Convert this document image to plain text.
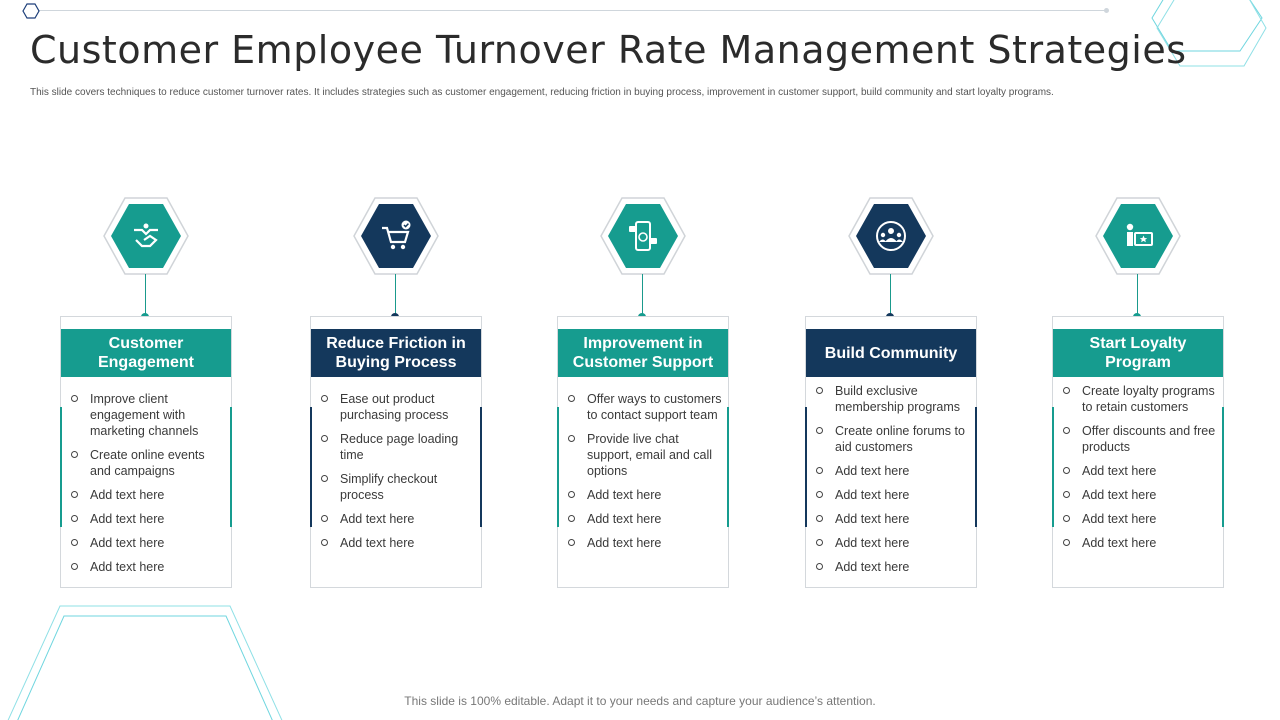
Customer Employee Turnover Rate Management Strategies

This slide covers techniques to reduce customer turnover rates. It includes strategies such as customer engagement, reducing friction in buying process, improvement in customer support, build community and start loyalty programs.

Customer Engagement
Improve client engagement with marketing channels
Create online events and campaigns
Add text here
Add text here
Add text here
Add text here
Reduce Friction in Buying Process
Ease out product purchasing process
Reduce page loading time
Simplify checkout process
Add text here
Add text here
Improvement in Customer Support
Offer ways to customers to contact support team
Provide live chat support, email and call options
Add text here
Add text here
Add text here
Build Community
Build exclusive membership programs
Create online forums to aid customers
Add text here
Add text here
Add text here
Add text here
Add text here
Start Loyalty Program
Create loyalty programs to retain customers
Offer discounts and free products
Add text here
Add text here
Add text here
Add text here
This slide is 100% editable. Adapt it to your needs and capture your audience’s attention.
